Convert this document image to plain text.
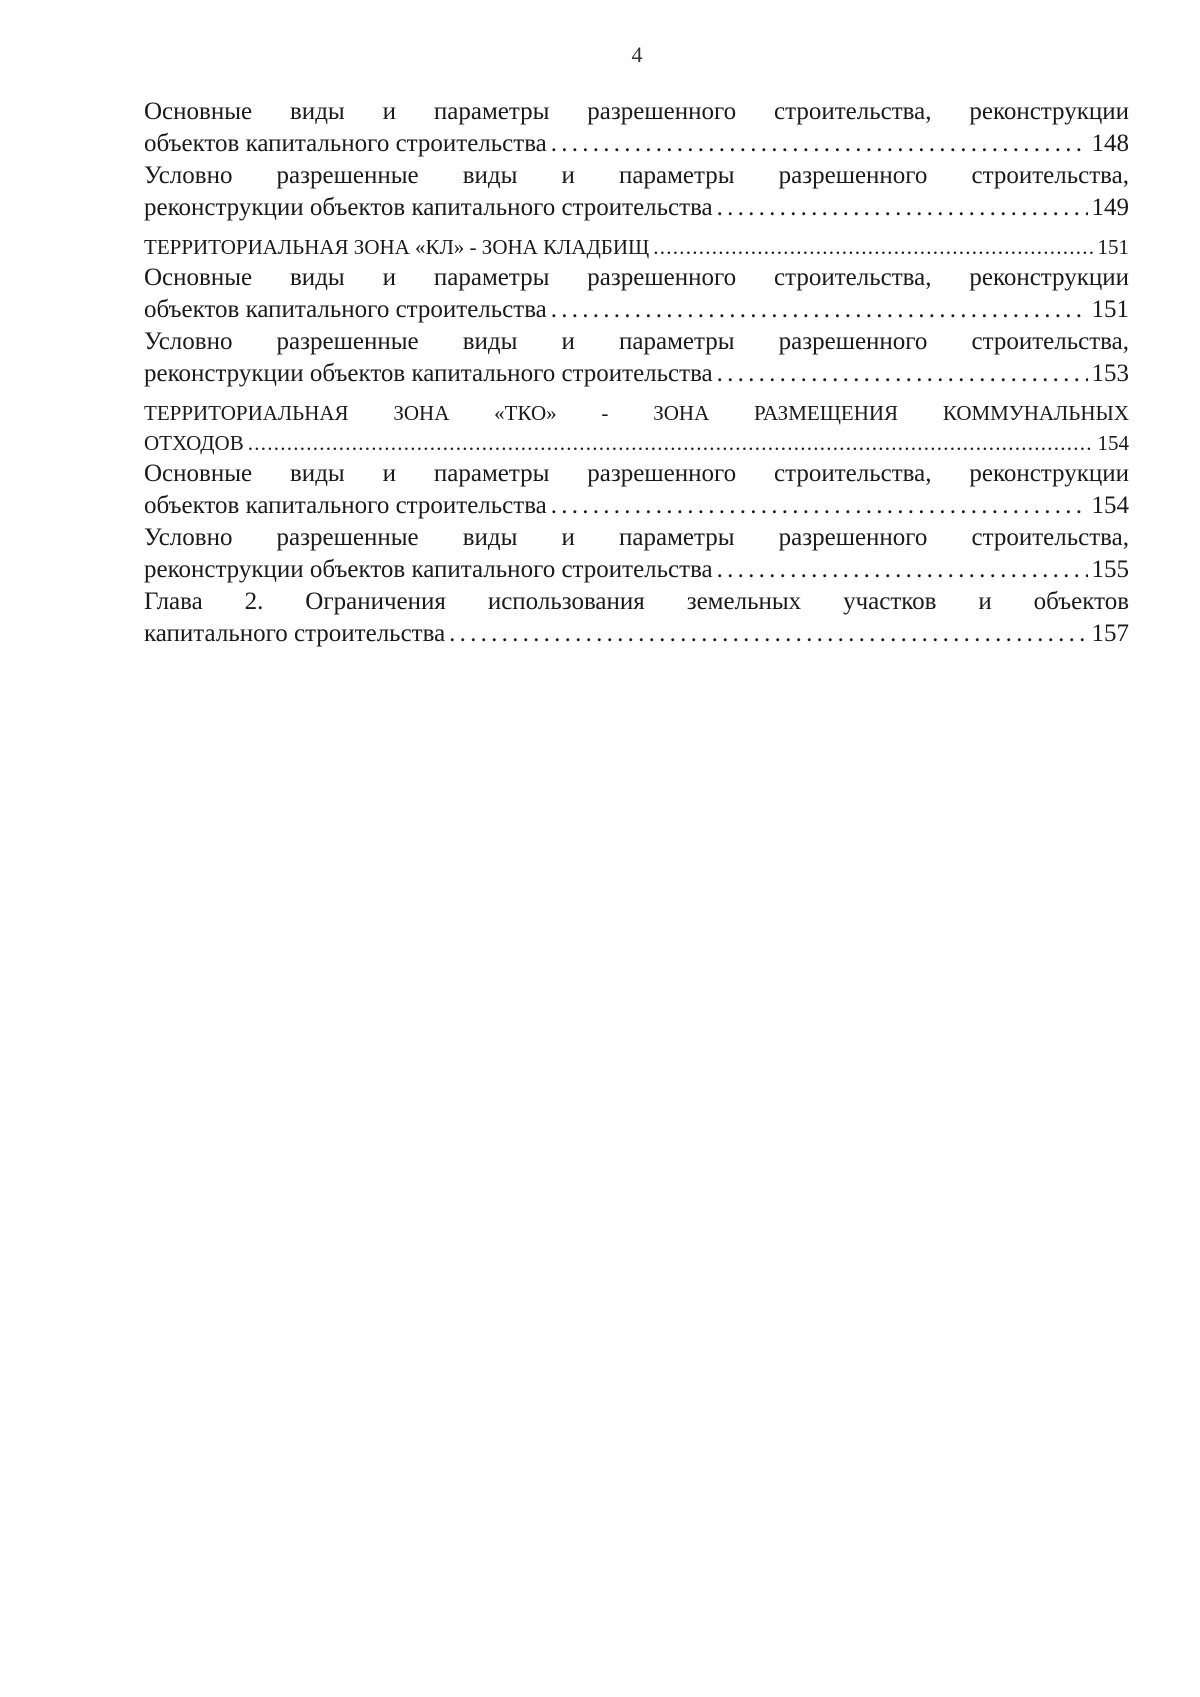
4
Основные виды и параметры разрешенного строительства, реконструкции
объектов капитального строительства . . .	148
Условно разрешенные виды и параметры разрешенного строительства,
реконструкции объектов капитального строительства . . .	149
ТЕРРИТОРИАЛЬНАЯ ЗОНА «КЛ» - ЗОНА КЛАДБИЩ . . .	151
Основные виды и параметры разрешенного строительства, реконструкции
объектов капитального строительства . . .	151
Условно разрешенные виды и параметры разрешенного строительства,
реконструкции объектов капитального строительства . . .	153
ТЕРРИТОРИАЛЬНАЯ ЗОНА «ТКО» - ЗОНА РАЗМЕЩЕНИЯ КОММУНАЛЬНЫХ
ОТХОДОВ . . .	154
Основные виды и параметры разрешенного строительства, реконструкции
объектов капитального строительства . . .	154
Условно разрешенные виды и параметры разрешенного строительства,
реконструкции объектов капитального строительства . . .	155
Глава 2. Ограничения использования земельных участков и объектов
капитального строительства . . .	157
